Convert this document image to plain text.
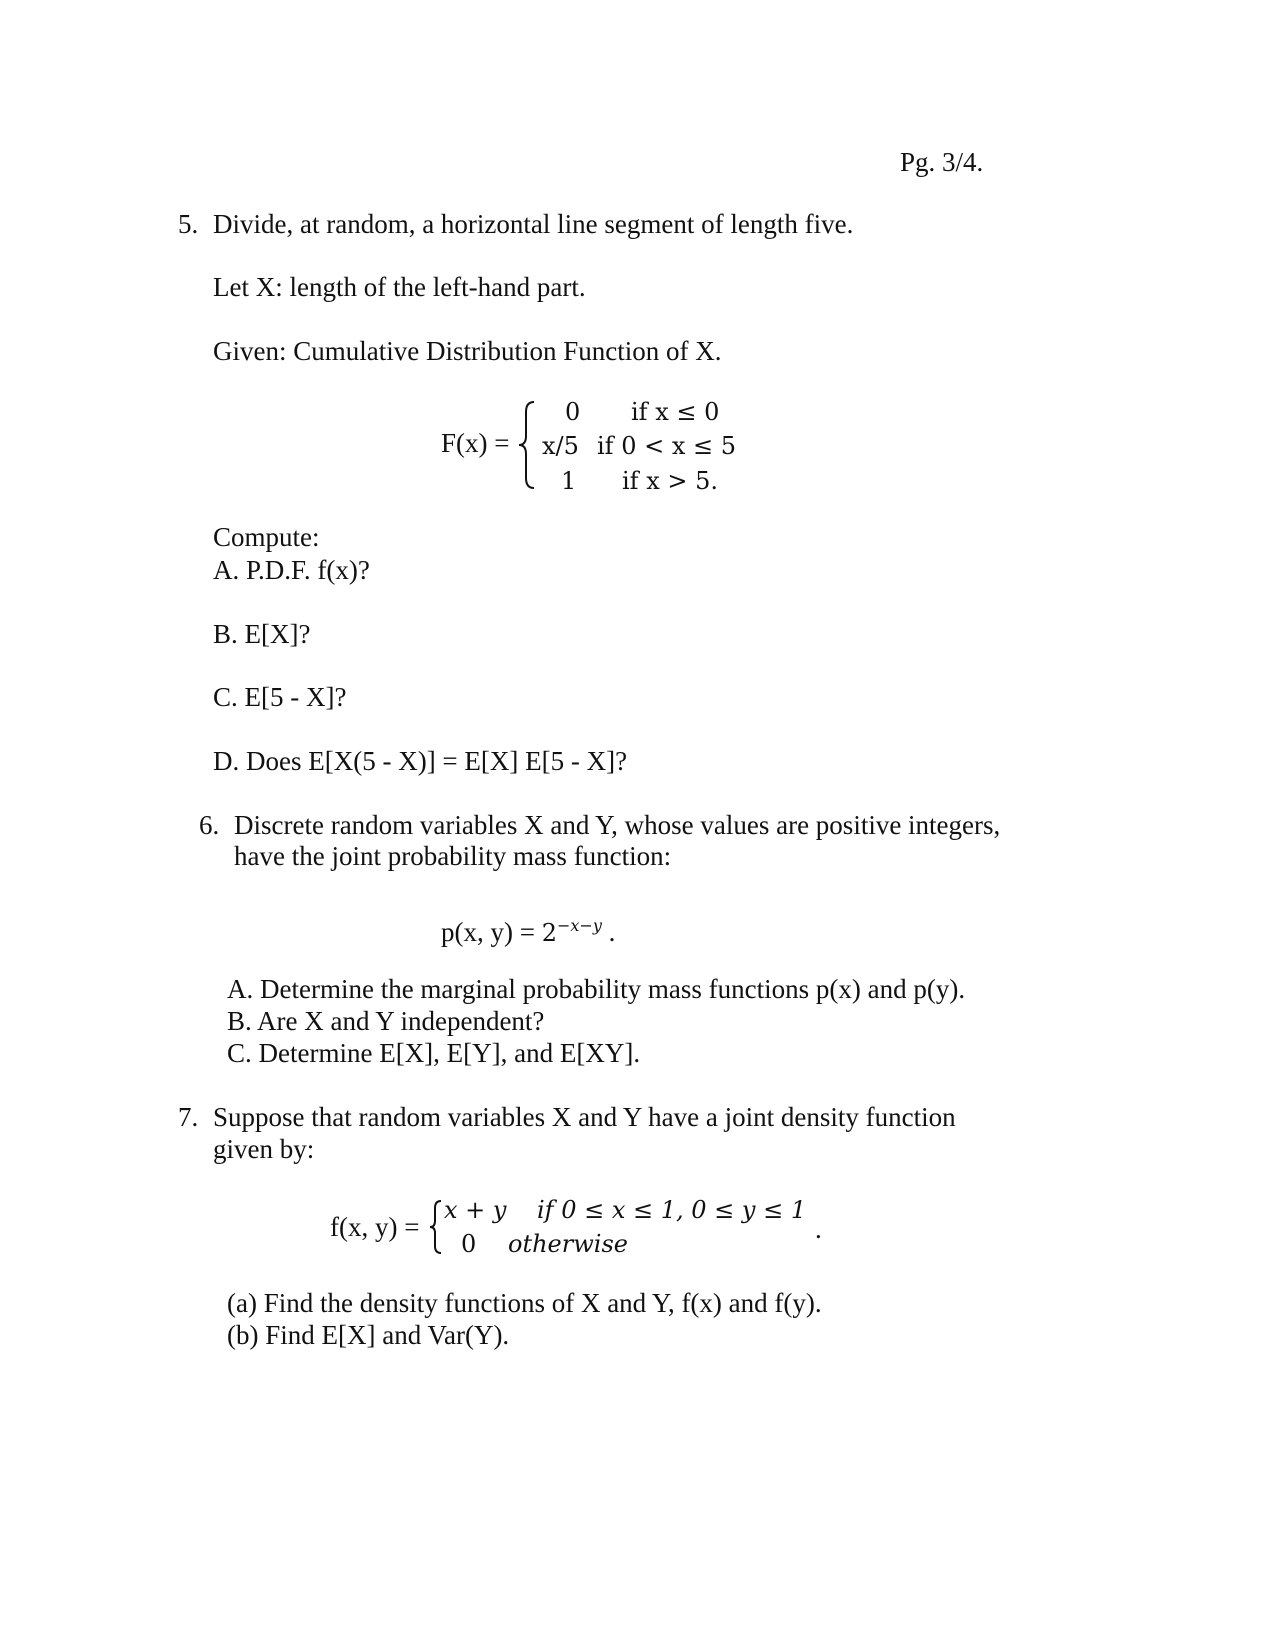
Pg. 3/4.
5. Divide, at random, a horizontal line segment of length five.
Let X: length of the left-hand part.
Given: Cumulative Distribution Function of X.
F(x) =
0 if x ≤ 0
x/5 if 0 < x ≤ 5
1 if x > 5.
Compute:
A. P.D.F. f(x)?
B. E[X]?
C. E[5 - X]?
D. Does E[X(5 - X)] = E[X] E[5 - X]?
6. Discrete random variables X and Y, whose values are positive integers,
have the joint probability mass function:
p(x, $y) = 2^{-x-y}$ .
A. Determine the marginal probability mass functions p(x) and p(y).
B. Are X and Y independent?
C. Determine E[X], E[Y], and E[XY].
7. Suppose that random variables X and Y have a joint density function
given by:
f(x, y) =
x + y if 0 ≤ x ≤ 1, 0 ≤ y ≤ 1
0 otherwise	.
(a) Find the density functions of X and Y, f(x) and f(y).
(b) Find E[X] and Var(Y).
